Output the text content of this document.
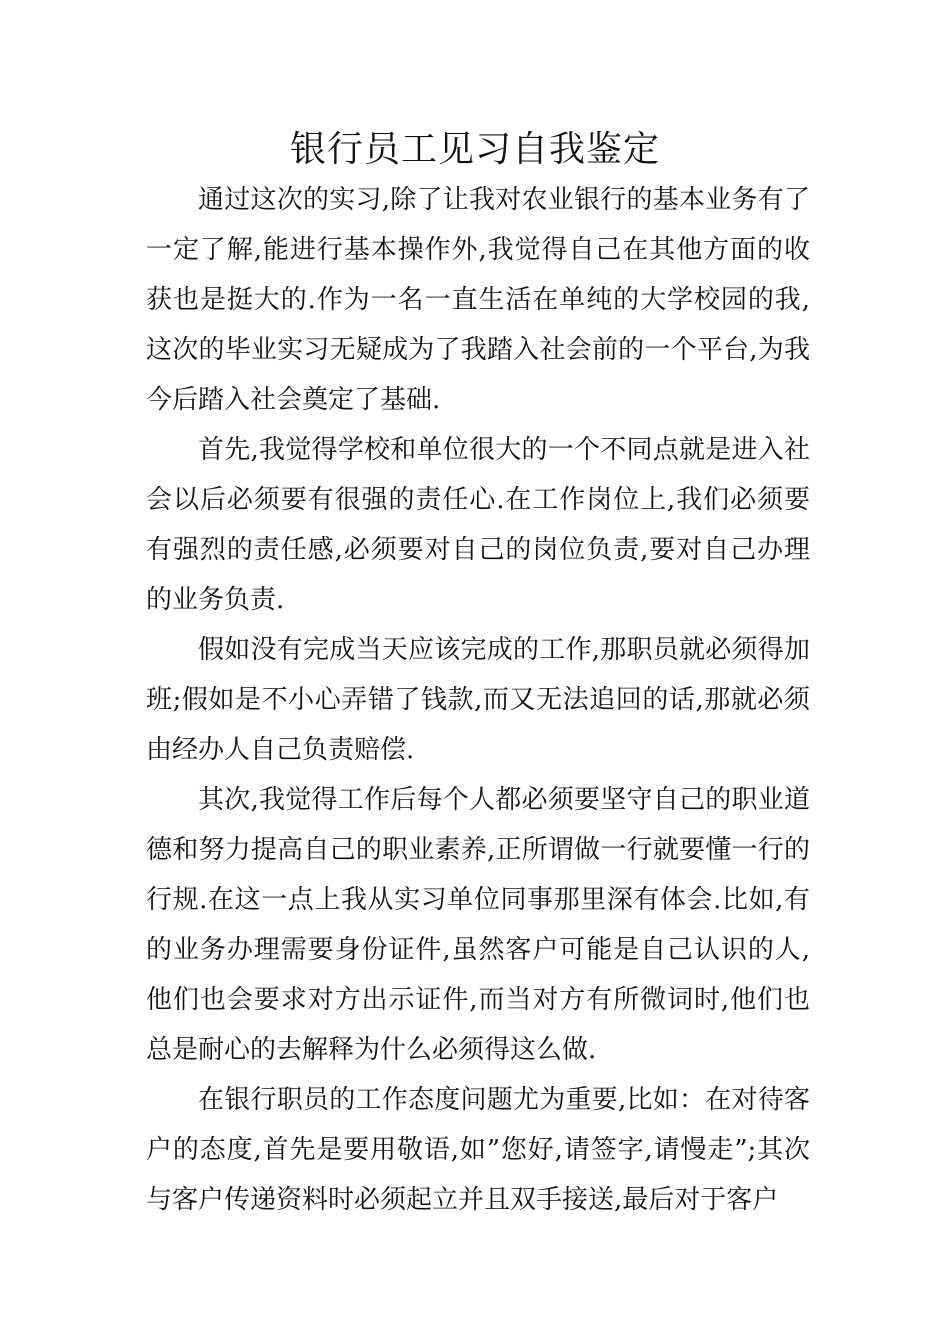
银行员工见习自我鉴定

通过这次的实习,除了让我对农业银行的基本业务有了一定了解,能进行基本操作外,我觉得自己在其他方面的收获也是挺大的.作为一名一直生活在单纯的大学校园的我,这次的毕业实习无疑成为了我踏入社会前的一个平台,为我今后踏入社会奠定了基础.

首先,我觉得学校和单位很大的一个不同点就是进入社会以后必须要有很强的责任心.在工作岗位上,我们必须要有强烈的责任感,必须要对自己的岗位负责,要对自己办理的业务负责.

假如没有完成当天应该完成的工作,那职员就必须得加班;假如是不小心弄错了钱款,而又无法追回的话,那就必须由经办人自己负责赔偿.

其次,我觉得工作后每个人都必须要坚守自己的职业道德和努力提高自己的职业素养,正所谓做一行就要懂一行的行规.在这一点上我从实习单位同事那里深有体会.比如,有的业务办理需要身份证件,虽然客户可能是自己认识的人,他们也会要求对方出示证件,而当对方有所微词时,他们也总是耐心的去解释为什么必须得这么做.

在银行职员的工作态度问题尤为重要,比如：在对待客户的态度,首先是要用敬语,如”您好,请签字,请慢走”;其次与客户传递资料时必须起立并且双手接送,最后对于客户
